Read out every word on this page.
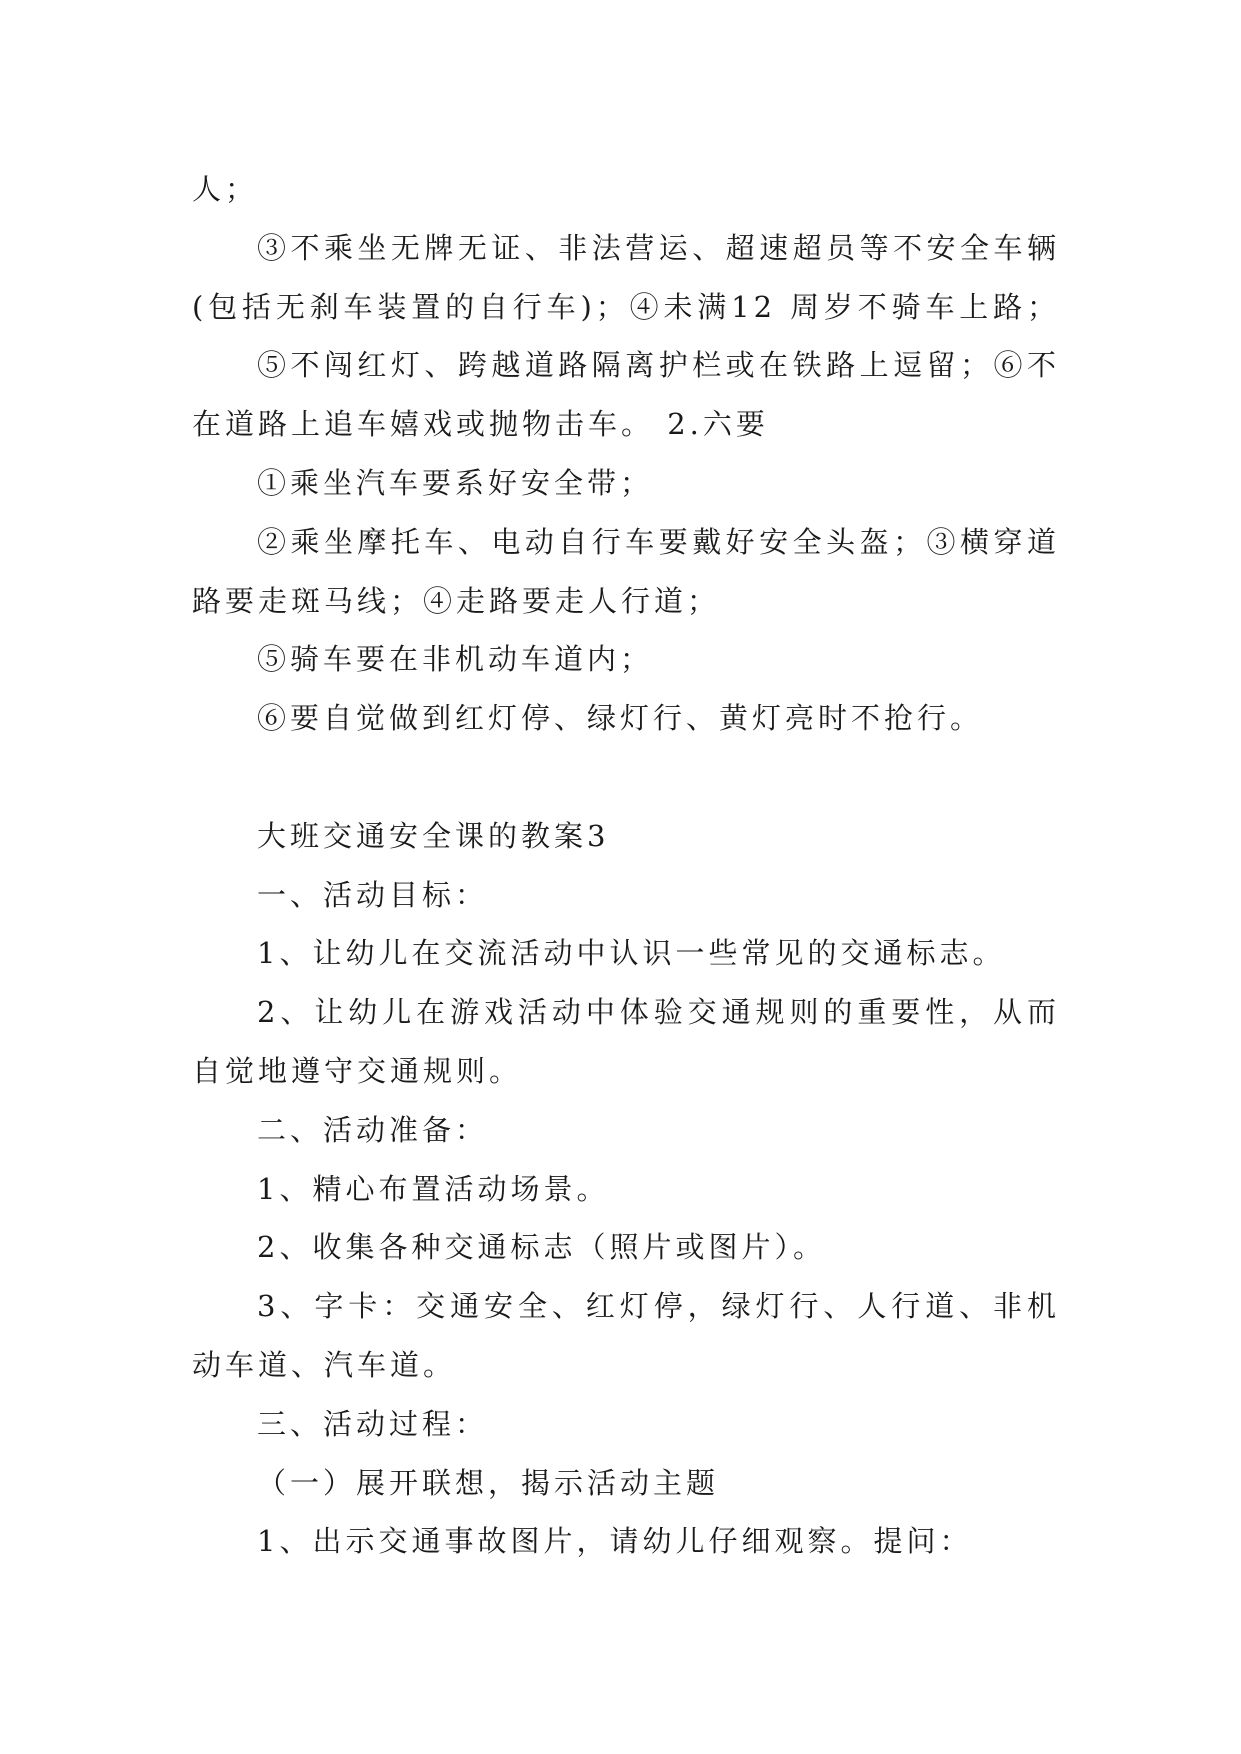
人；
③不乘坐无牌无证、非法营运、超速超员等不安全车辆
(包括无刹车装置的自行车)；④未满12 周岁不骑车上路；
⑤不闯红灯、跨越道路隔离护栏或在铁路上逗留；⑥不
在道路上追车嬉戏或抛物击车。 2.六要
①乘坐汽车要系好安全带；
②乘坐摩托车、电动自行车要戴好安全头盔；③横穿道
路要走斑马线；④走路要走人行道；
⑤骑车要在非机动车道内；
⑥要自觉做到红灯停、绿灯行、黄灯亮时不抢行。
大班交通安全课的教案3
一、活动目标：
1、让幼儿在交流活动中认识一些常见的交通标志。
2、让幼儿在游戏活动中体验交通规则的重要性，从而
自觉地遵守交通规则。
二、活动准备：
1、精心布置活动场景。
2、收集各种交通标志（照片或图片）。
3、字卡：交通安全、红灯停，绿灯行、人行道、非机
动车道、汽车道。
三、活动过程：
（一）展开联想，揭示活动主题
1、出示交通事故图片，请幼儿仔细观察。提问：
